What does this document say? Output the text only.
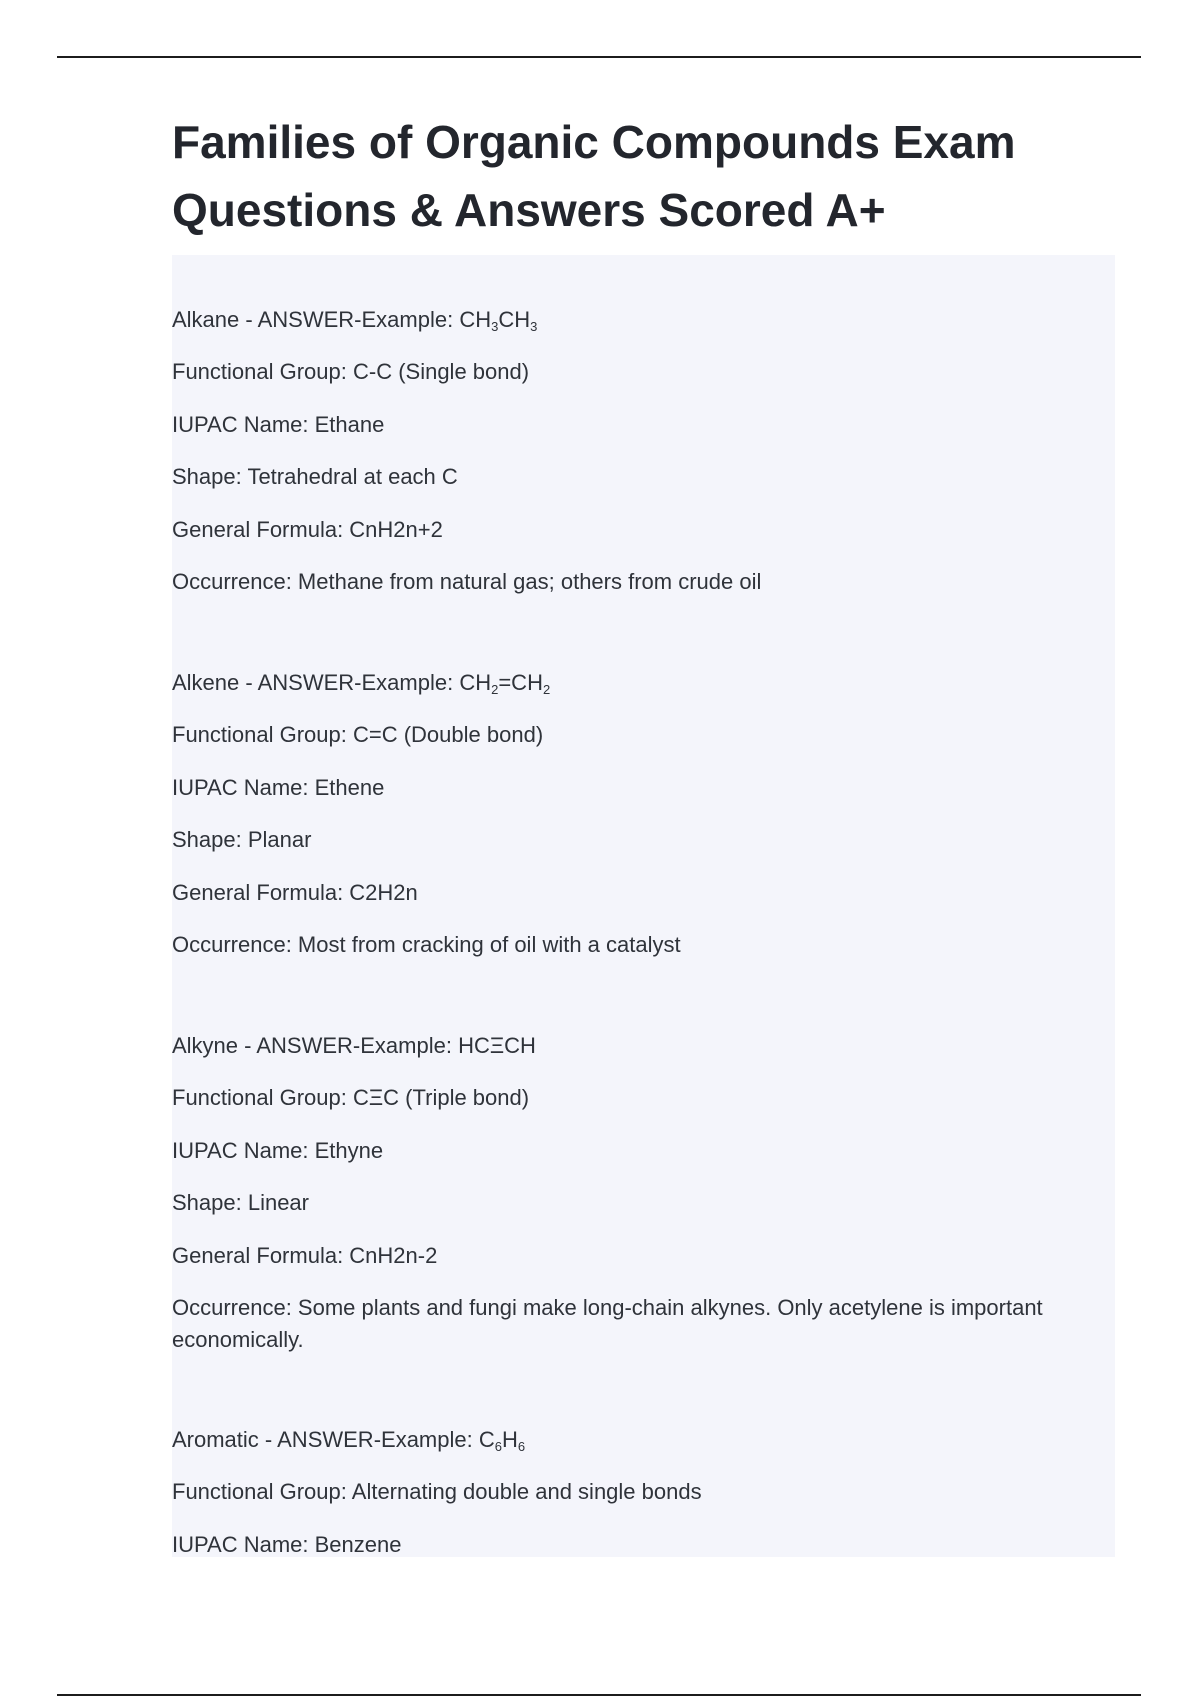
Families of Organic Compounds Exam Questions & Answers Scored A+
Alkane - ANSWER-Example: $CH_3CH_3$
Functional Group: C-C (Single bond)
IUPAC Name: Ethane
Shape: Tetrahedral at each C
General Formula: CnH2n+2
Occurrence: Methane from natural gas; others from crude oil
Alkene - ANSWER-Example: $CH_2=CH_2$
Functional Group: C=C (Double bond)
IUPAC Name: Ethene
Shape: Planar
General Formula: C2H2n
Occurrence: Most from cracking of oil with a catalyst
Alkyne - ANSWER-Example: HCΞCH
Functional Group: CΞC (Triple bond)
IUPAC Name: Ethyne
Shape: Linear
General Formula: CnH2n-2
Occurrence: Some plants and fungi make long-chain alkynes. Only acetylene is important economically.
Aromatic - ANSWER-Example: $C_6H_6$
Functional Group: Alternating double and single bonds
IUPAC Name: Benzene
